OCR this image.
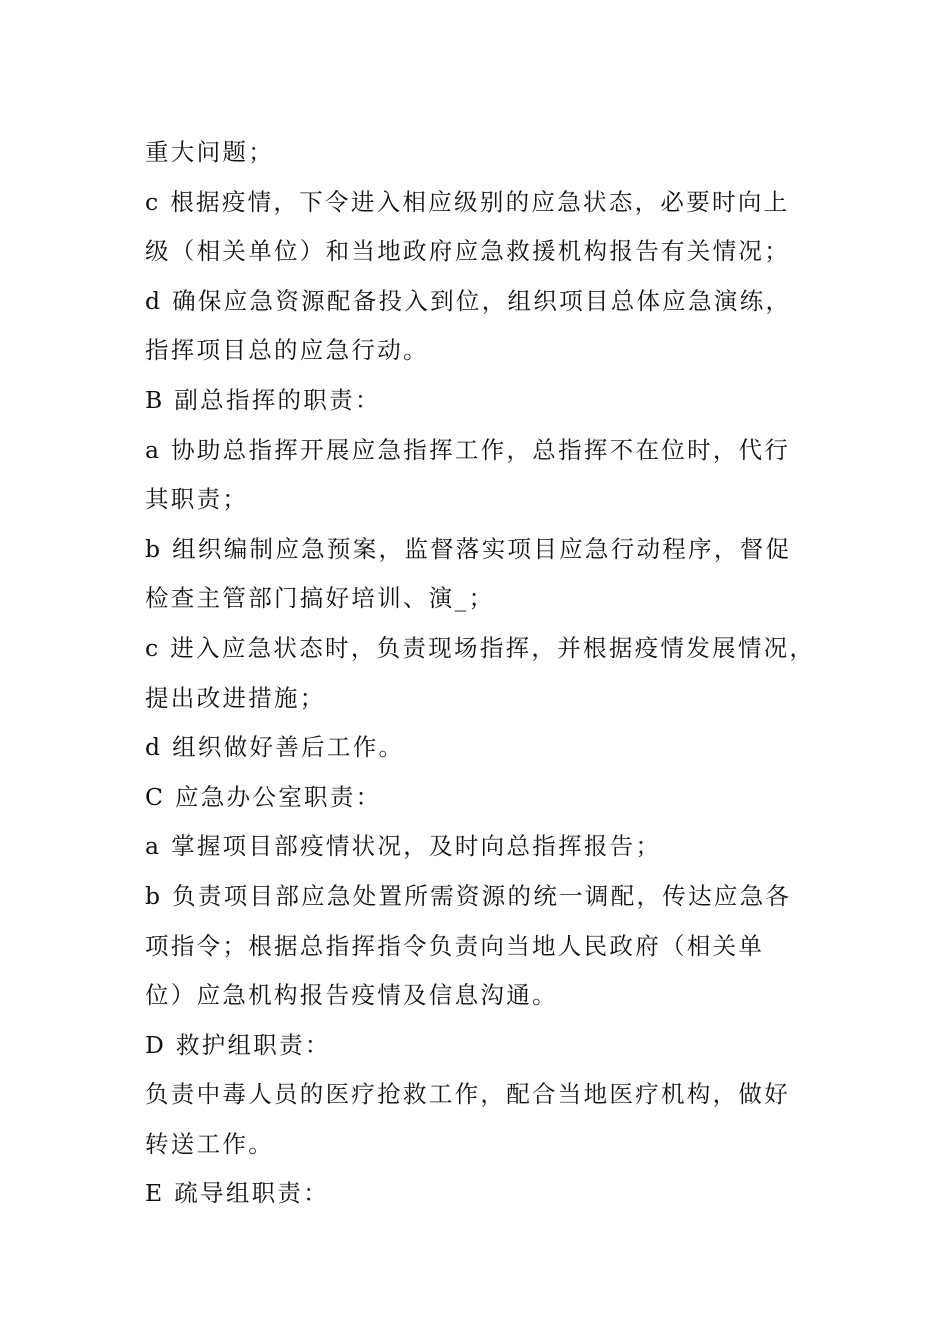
重大问题；
c 根据疫情，下令进入相应级别的应急状态，必要时向上
级（相关单位）和当地政府应急救援机构报告有关情况；
d 确保应急资源配备投入到位，组织项目总体应急演练，
指挥项目总的应急行动。
B 副总指挥的职责：
a 协助总指挥开展应急指挥工作，总指挥不在位时，代行
其职责；
b 组织编制应急预案，监督落实项目应急行动程序，督促
检查主管部门搞好培训、演_；
c 进入应急状态时，负责现场指挥，并根据疫情发展情况，
提出改进措施；
d 组织做好善后工作。
C 应急办公室职责：
a 掌握项目部疫情状况，及时向总指挥报告；
b 负责项目部应急处置所需资源的统一调配，传达应急各
项指令；根据总指挥指令负责向当地人民政府（相关单
位）应急机构报告疫情及信息沟通。
D 救护组职责：
负责中毒人员的医疗抢救工作，配合当地医疗机构，做好
转送工作。
E 疏导组职责：
